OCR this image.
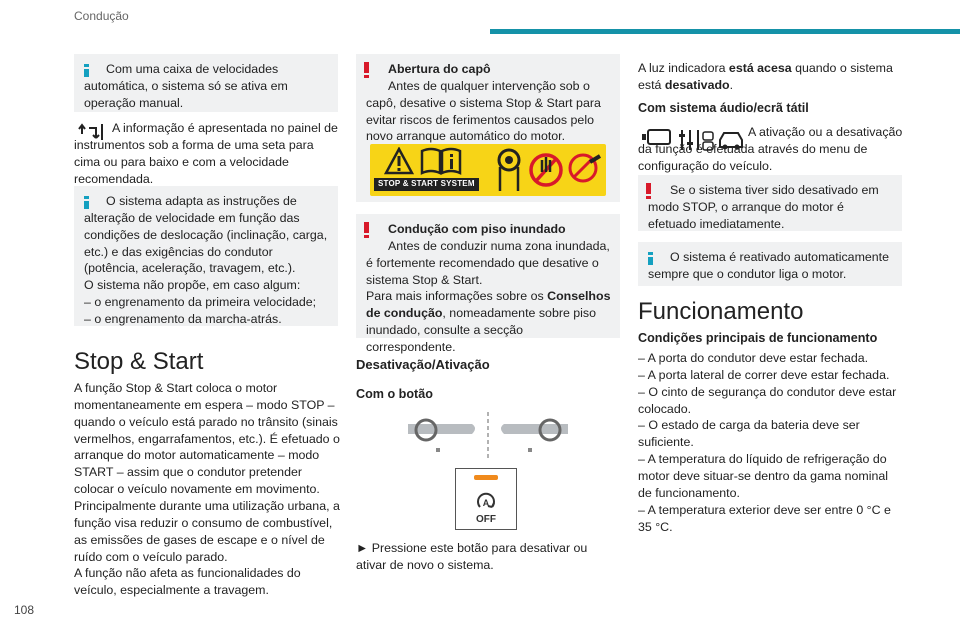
Condução
108

Com uma caixa de velocidades automática, o sistema só se ativa em operação manual.

A informação é apresentada no painel de instrumentos sob a forma de uma seta para cima ou para baixo e com a velocidade recomendada.

O sistema adapta as instruções de alteração de velocidade em função das condições de deslocação (inclinação, carga, etc.) e das exigências do condutor (potência, aceleração, travagem, etc.).

O sistema não propõe, em caso algum:

– o engrenamento da primeira velocidade;

– o engrenamento da marcha-atrás.

Stop & Start

A função Stop & Start coloca o motor momentaneamente em espera – modo STOP – quando o veículo está parado no trânsito (sinais vermelhos, engarrafamentos, etc.). É efetuado o arranque do motor automaticamente – modo START – assim que o condutor pretender colocar o veículo novamente em movimento.

Principalmente durante uma utilização urbana, a função visa reduzir o consumo de combustível, as emissões de gases de escape e o nível de ruído com o veículo parado.

A função não afeta as funcionalidades do veículo, especialmente a travagem.

Abertura do capô

Antes de qualquer intervenção sob o capô, desative o sistema Stop & Start para evitar riscos de ferimentos causados pelo novo arranque automático do motor.

STOP & START SYSTEM

Condução com piso inundado

Antes de conduzir numa zona inundada, é fortemente recomendado que desative o sistema Stop & Start.

Para mais informações sobre os Conselhos de condução, nomeadamente sobre piso inundado, consulte a secção correspondente.

Desativação/Ativação
Com o botão
A
OFF

► Pressione este botão para desativar ou ativar de novo o sistema.

A luz indicadora está acesa quando o sistema está desativado.

Com sistema áudio/ecrã tátil

A ativação ou a desativação da função é efetuada através do menu de configuração do veículo.

Se o sistema tiver sido desativado em modo STOP, o arranque do motor é efetuado imediatamente.

O sistema é reativado automaticamente sempre que o condutor liga o motor.

Funcionamento
Condições principais de funcionamento

– A porta do condutor deve estar fechada.

– A porta lateral de correr deve estar fechada.

– O cinto de segurança do condutor deve estar colocado.

– O estado de carga da bateria deve ser suficiente.

– A temperatura do líquido de refrigeração do motor deve situar-se dentro da gama nominal de funcionamento.

– A temperatura exterior deve ser entre 0 °C e 35 °C.
